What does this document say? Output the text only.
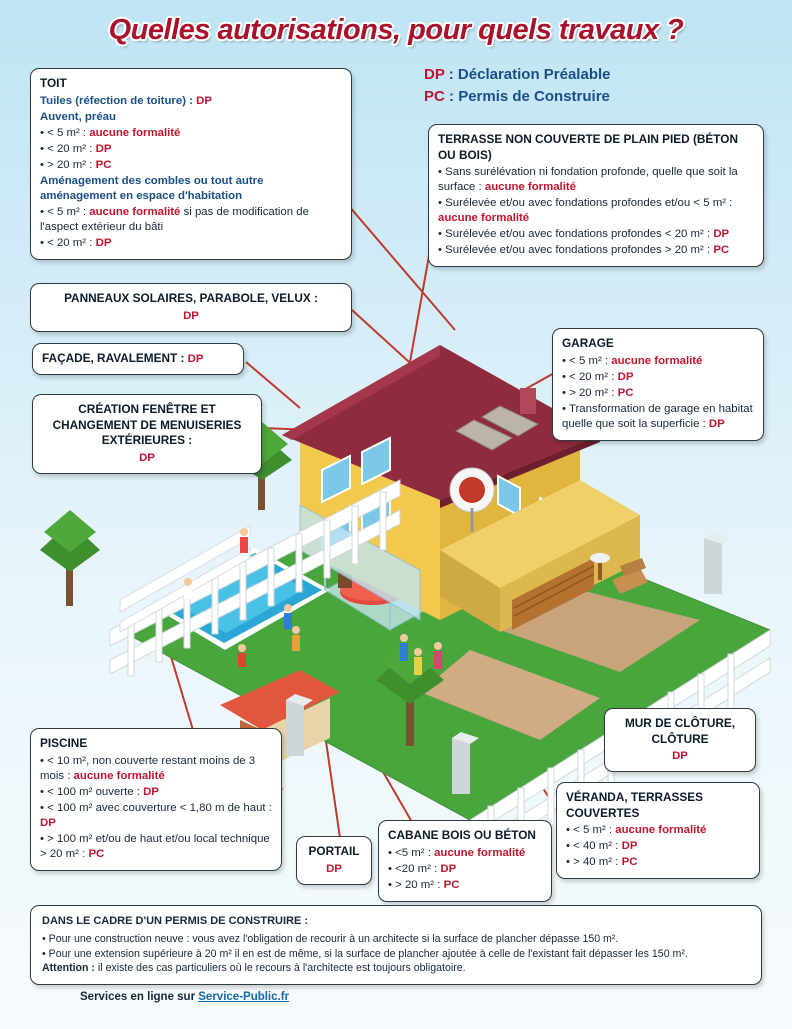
Quelles autorisations, pour quels travaux ?
DP : Déclaration Préalable
PC : Permis de Construire
TOIT
Tuiles (réfection de toiture) : DP
Auvent, préau
• < 5 m² : aucune formalité
• < 20 m² : DP
• > 20 m² : PC
Aménagement des combles ou tout autre aménagement en espace d'habitation
• < 5 m² : aucune formalité si pas de modification de l'aspect extérieur du bâti
• < 20 m² : DP
PANNEAUX SOLAIRES, PARABOLE, VELUX :
DP
FAÇADE, RAVALEMENT : DP
CRÉATION FENÊTRE ET CHANGEMENT DE MENUISERIES EXTÉRIEURES :
DP
TERRASSE NON COUVERTE DE PLAIN PIED (BÉTON OU BOIS)
• Sans surélévation ni fondation profonde, quelle que soit la surface : aucune formalité
• Surélevée et/ou avec fondations profondes et/ou < 5 m² : aucune formalité
• Surélevée et/ou avec fondations profondes < 20 m² : DP
• Surélevée et/ou avec fondations profondes > 20 m² : PC
GARAGE
• < 5 m² : aucune formalité
• < 20 m² : DP
• > 20 m² : PC
• Transformation de garage en habitat quelle que soit la superficie : DP
PISCINE
• < 10 m², non couverte restant moins de 3 mois : aucune formalité
• < 100 m² ouverte : DP
• < 100 m² avec couverture < 1,80 m de haut : DP
• > 100 m² et/ou de haut et/ou local technique > 20 m² : PC	PORTAIL
DP
CABANE BOIS OU BÉTON
• <5 m² : aucune formalité
• <20 m² : DP
• > 20 m² : PC
VÉRANDA, TERRASSES COUVERTES
• < 5 m² : aucune formalité
• < 40 m² : DP
• > 40 m² : PC
MUR DE CLÔTURE, CLÔTURE
DP
DANS LE CADRE D'UN PERMIS DE CONSTRUIRE :
• Pour une construction neuve : vous avez l'obligation de recourir à un architecte si la surface de plancher dépasse 150 m².
• Pour une extension supérieure à 20 m² il en est de même, si la surface de plancher ajoutée à celle de l'existant fait dépasser les 150 m².
Attention : il existe des cas particuliers où le recours à l'architecte est toujours obligatoire.
Services en ligne sur Service-Public.fr
